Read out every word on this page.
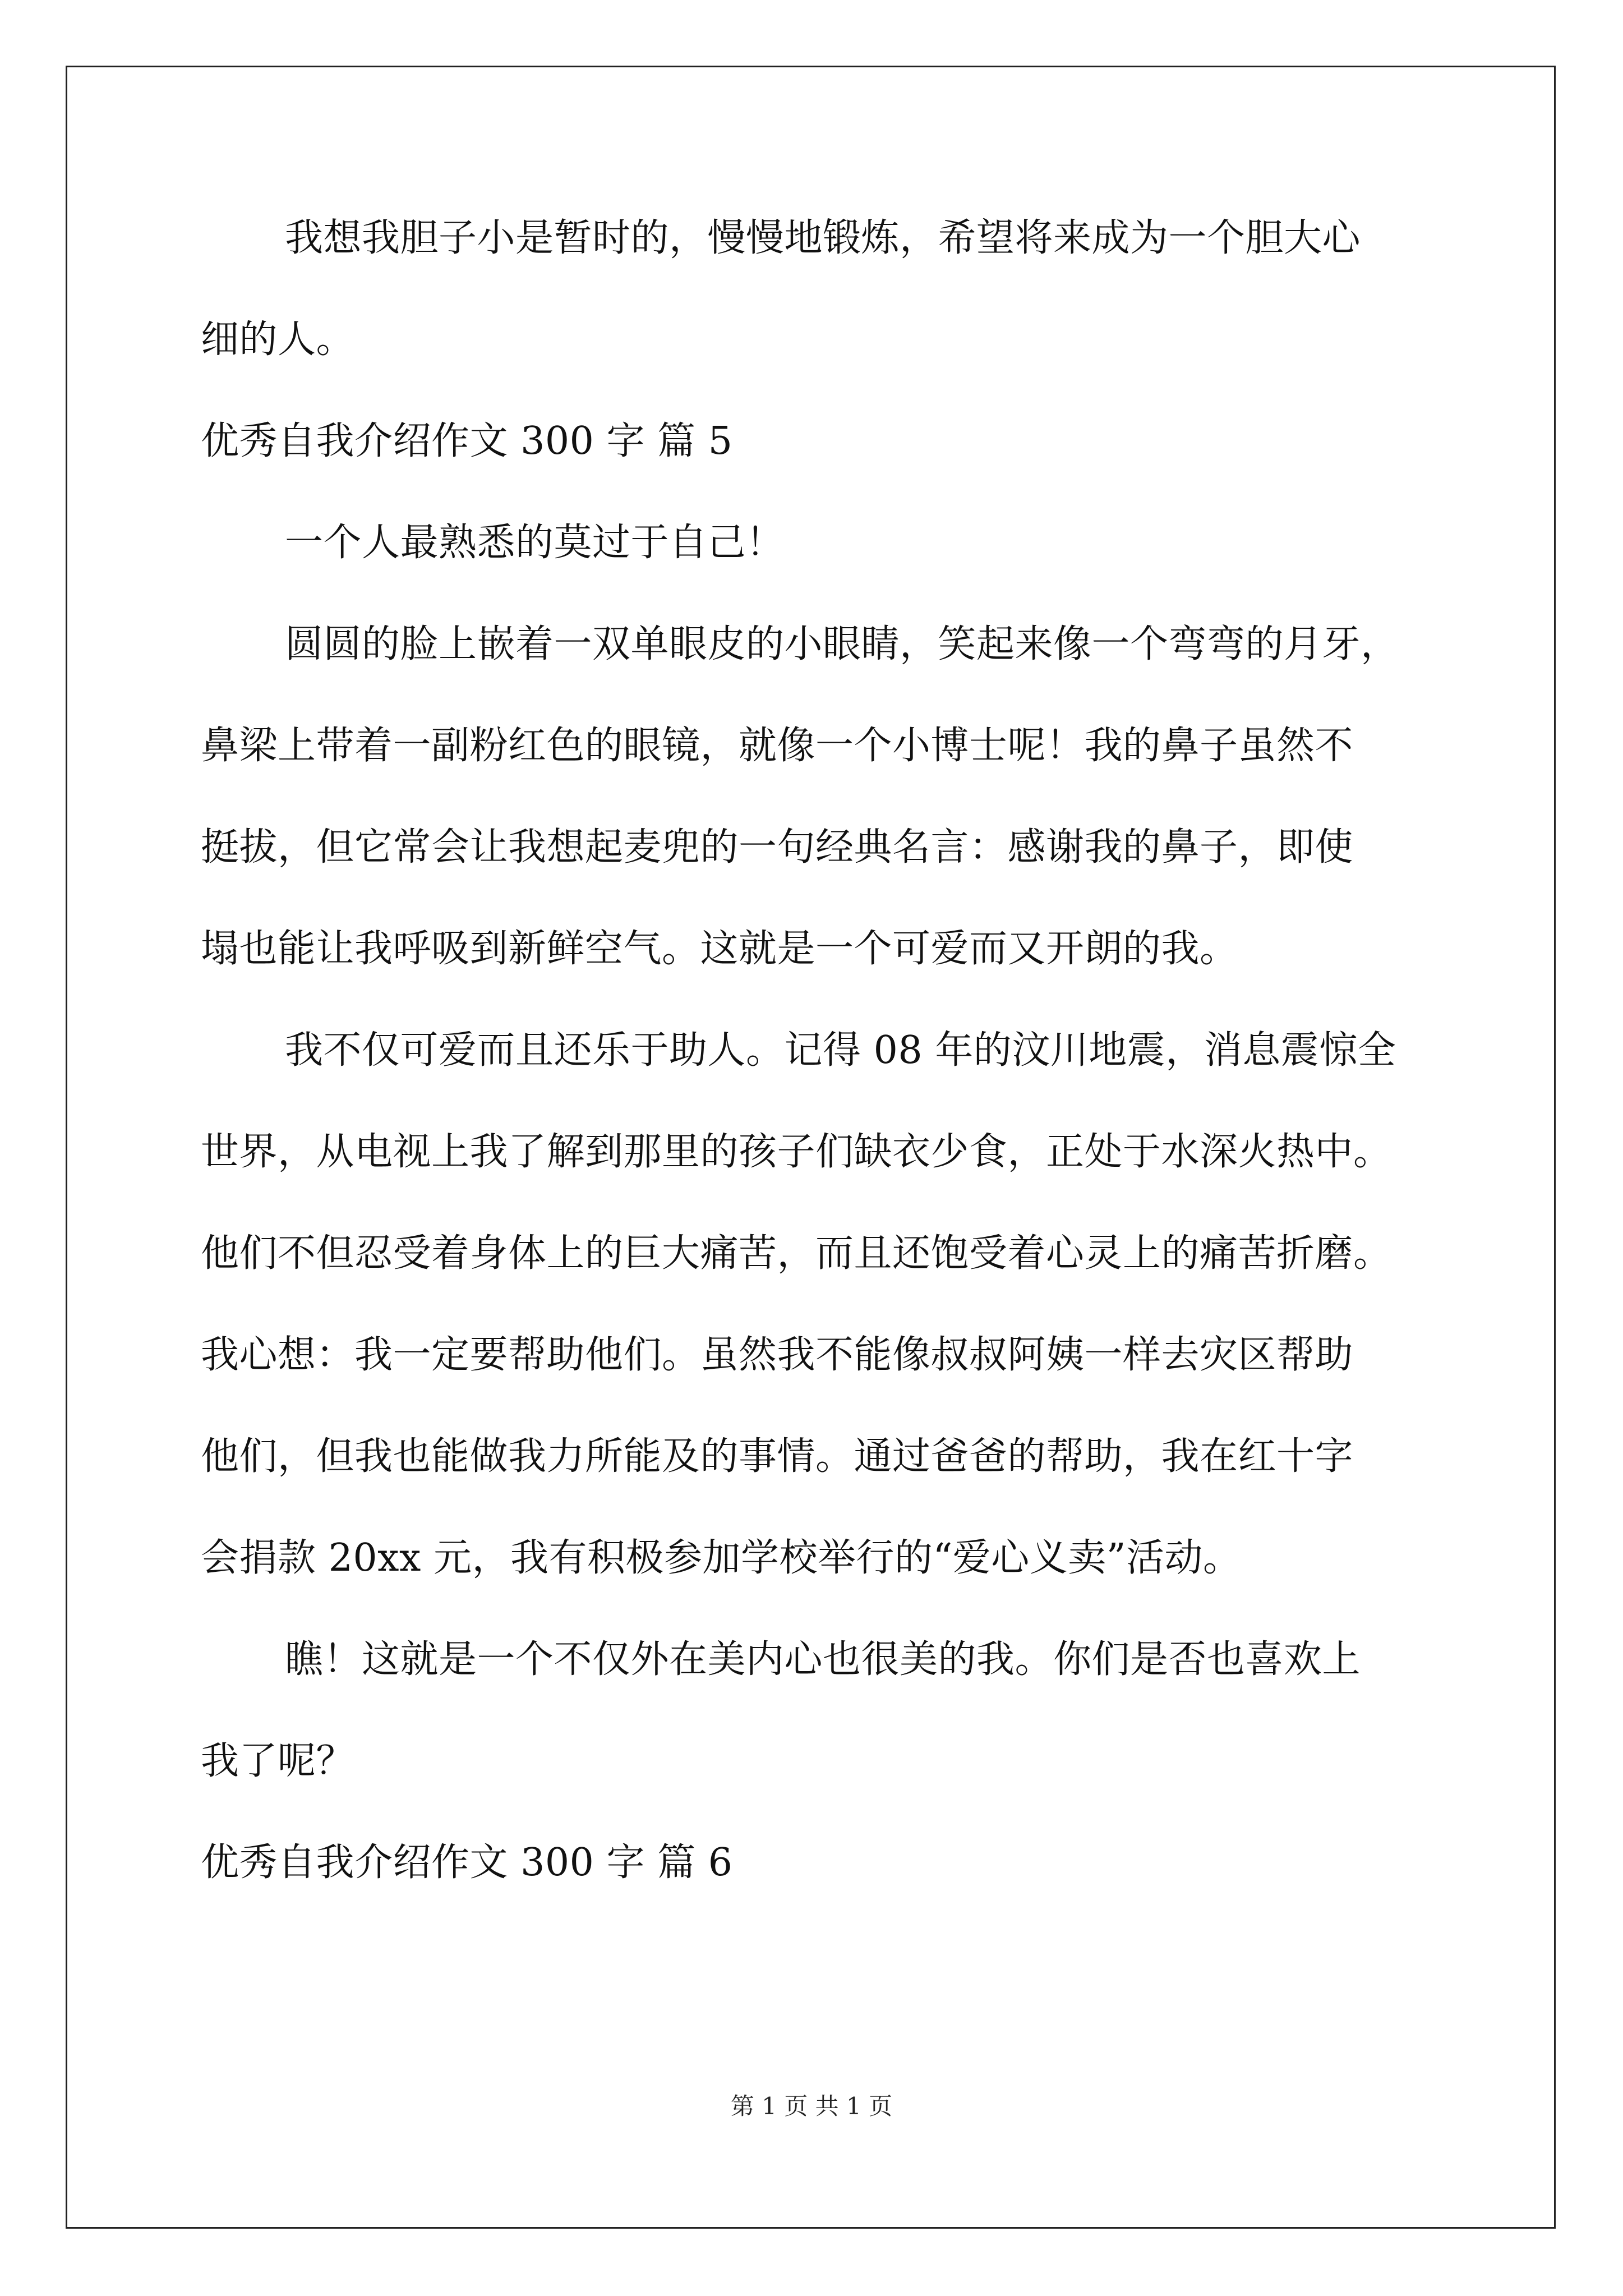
我想我胆子小是暂时的，慢慢地锻炼，希望将来成为一个胆大心
细的人。
优秀自我介绍作文 300 字 篇 5
一个人最熟悉的莫过于自己！
圆圆的脸上嵌着一双单眼皮的小眼睛，笑起来像一个弯弯的月牙，
鼻梁上带着一副粉红色的眼镜，就像一个小博士呢！我的鼻子虽然不
挺拔，但它常会让我想起麦兜的一句经典名言：感谢我的鼻子，即使
塌也能让我呼吸到新鲜空气。这就是一个可爱而又开朗的我。
我不仅可爱而且还乐于助人。记得 08 年的汶川地震，消息震惊全
世界，从电视上我了解到那里的孩子们缺衣少食，正处于水深火热中。
他们不但忍受着身体上的巨大痛苦，而且还饱受着心灵上的痛苦折磨。
我心想：我一定要帮助他们。虽然我不能像叔叔阿姨一样去灾区帮助
他们，但我也能做我力所能及的事情。通过爸爸的帮助，我在红十字
会捐款 20xx 元，我有积极参加学校举行的“爱心义卖”活动。
瞧！这就是一个不仅外在美内心也很美的我。你们是否也喜欢上
我了呢？
优秀自我介绍作文 300 字 篇 6
第 1 页 共 1 页
